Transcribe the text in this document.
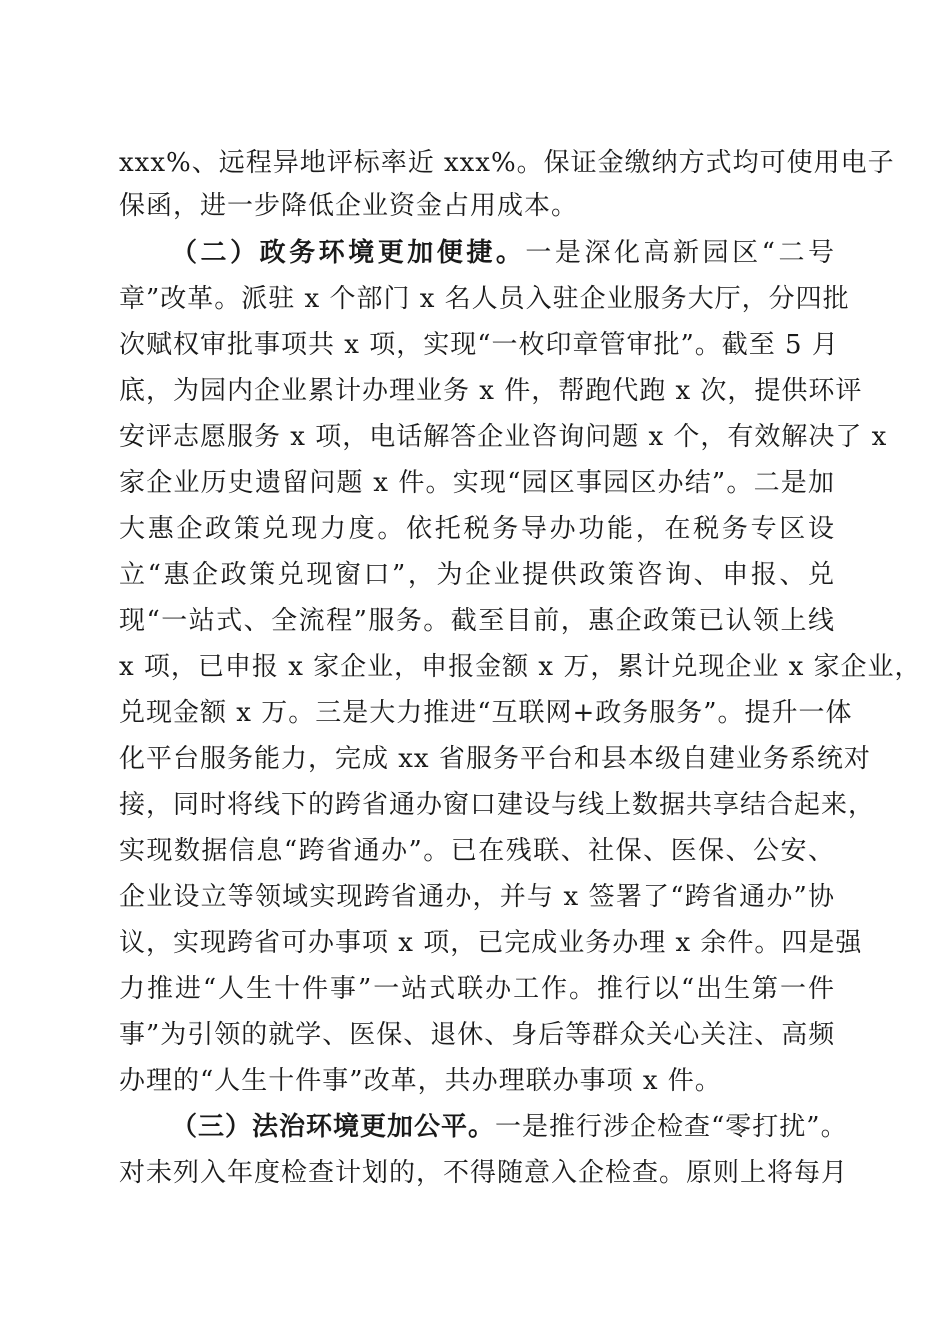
xxx%、远程异地评标率近 xxx%。保证金缴纳方式均可使用电子
保函，进一步降低企业资金占用成本。
（二）政务环境更加便捷。一是深化高新园区“二号
章”改革。派驻 x 个部门 x 名人员入驻企业服务大厅，分四批
次赋权审批事项共 x 项，实现“一枚印章管审批”。截至 5 月
底，为园内企业累计办理业务 x 件，帮跑代跑 x 次，提供环评
安评志愿服务 x 项，电话解答企业咨询问题 x 个，有效解决了 x
家企业历史遗留问题 x 件。实现“园区事园区办结”。二是加
大惠企政策兑现力度。依托税务导办功能，在税务专区设
立“惠企政策兑现窗口”，为企业提供政策咨询、申报、兑
现“一站式、全流程”服务。截至目前，惠企政策已认领上线
x 项，已申报 x 家企业，申报金额 x 万，累计兑现企业 x 家企业，
兑现金额 x 万。三是大力推进“互联网+政务服务”。提升一体
化平台服务能力，完成 xx 省服务平台和县本级自建业务系统对
接，同时将线下的跨省通办窗口建设与线上数据共享结合起来，
实现数据信息“跨省通办”。已在残联、社保、医保、公安、
企业设立等领域实现跨省通办，并与 x 签署了“跨省通办”协
议，实现跨省可办事项 x 项，已完成业务办理 x 余件。四是强
力推进“人生十件事”一站式联办工作。推行以“出生第一件
事”为引领的就学、医保、退休、身后等群众关心关注、高频
办理的“人生十件事”改革，共办理联办事项 x 件。
（三）法治环境更加公平。一是推行涉企检查“零打扰”。
对未列入年度检查计划的，不得随意入企检查。原则上将每月
